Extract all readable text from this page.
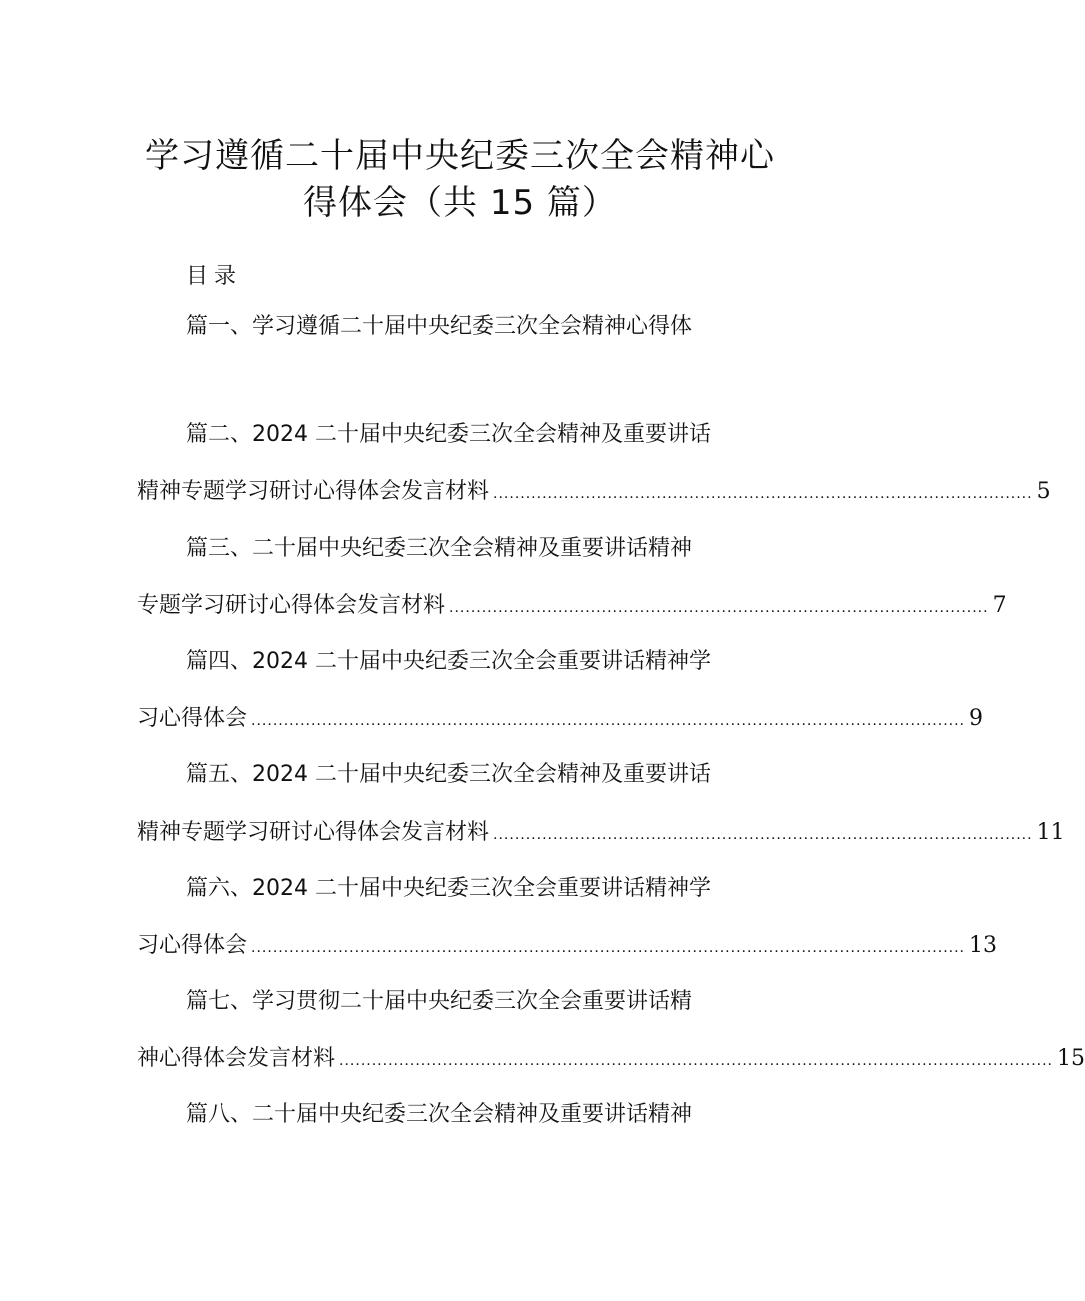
学习遵循二十届中央纪委三次全会精神心
得体会（共 15 篇）
目录
篇一、学习遵循二十届中央纪委三次全会精神心得体
篇二、2024 二十届中央纪委三次全会精神及重要讲话
精神专题学习研讨心得体会发言材料 ................................................................................................... 5
篇三、二十届中央纪委三次全会精神及重要讲话精神
专题学习研讨心得体会发言材料 ................................................................................................... 7
篇四、2024 二十届中央纪委三次全会重要讲话精神学
习心得体会 ................................................................................................................................... 9
篇五、2024 二十届中央纪委三次全会精神及重要讲话
精神专题学习研讨心得体会发言材料 ................................................................................................... 11
篇六、2024 二十届中央纪委三次全会重要讲话精神学
习心得体会 ................................................................................................................................... 13
篇七、学习贯彻二十届中央纪委三次全会重要讲话精
神心得体会发言材料 ................................................................................................................................... 15
篇八、二十届中央纪委三次全会精神及重要讲话精神
